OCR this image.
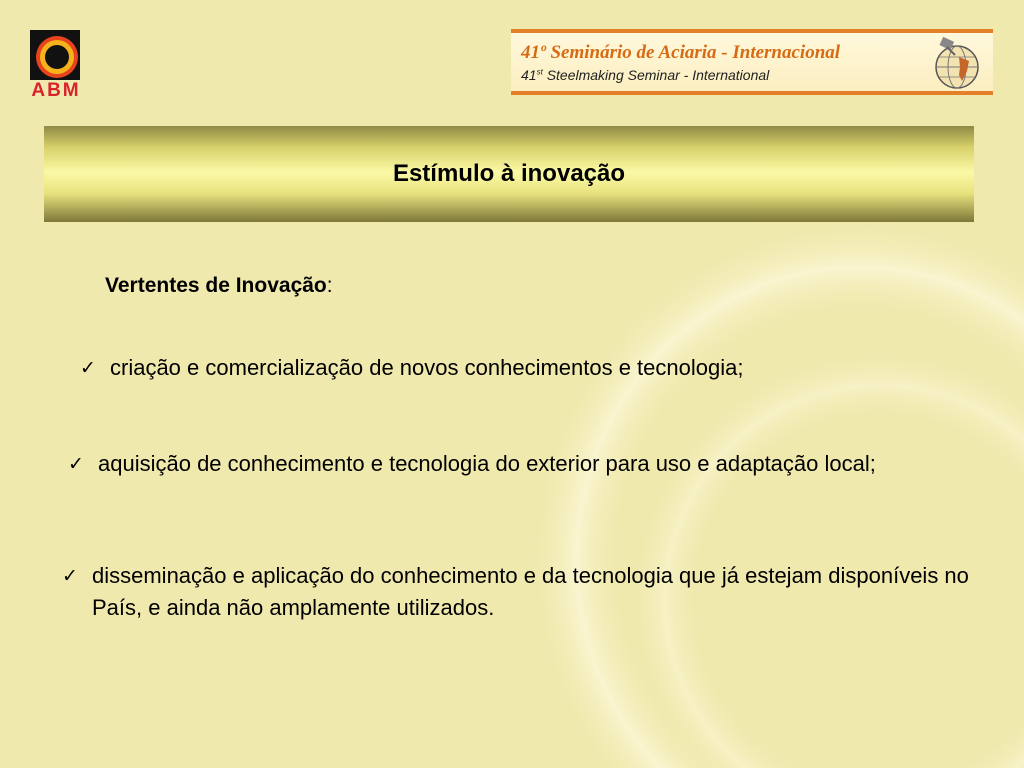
ABM
41º Seminário de Aciaria - Internacional
41st Steelmaking Seminar - International
Estímulo à inovação
Vertentes de Inovação:
✓ criação e comercialização de novos conhecimentos e tecnologia;
✓ aquisição de conhecimento e tecnologia do exterior para uso e adaptação local;
✓ disseminação e aplicação do conhecimento e da tecnologia que já estejam disponíveis no País, e ainda não amplamente utilizados.
